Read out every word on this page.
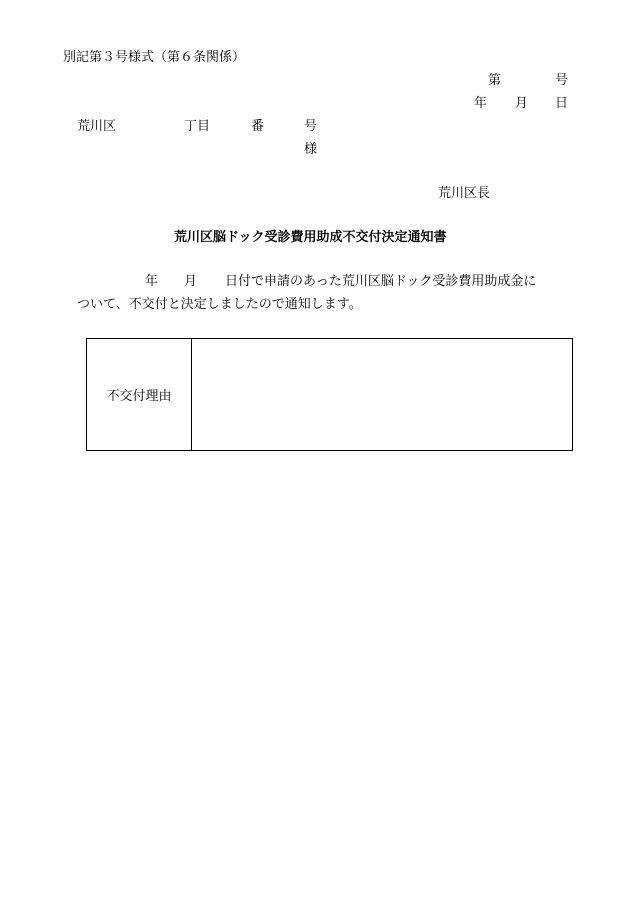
別記第３号様式（第６条関係）
第	号
年 月 日
荒川区	丁目	番	号
様
荒川区長
荒川区脳ドック受診費用助成不交付決定通知書
年 月 日付で申請のあった荒川区脳ドック受診費用助成金に
ついて、不交付と決定しましたので通知します。
不交付理由
